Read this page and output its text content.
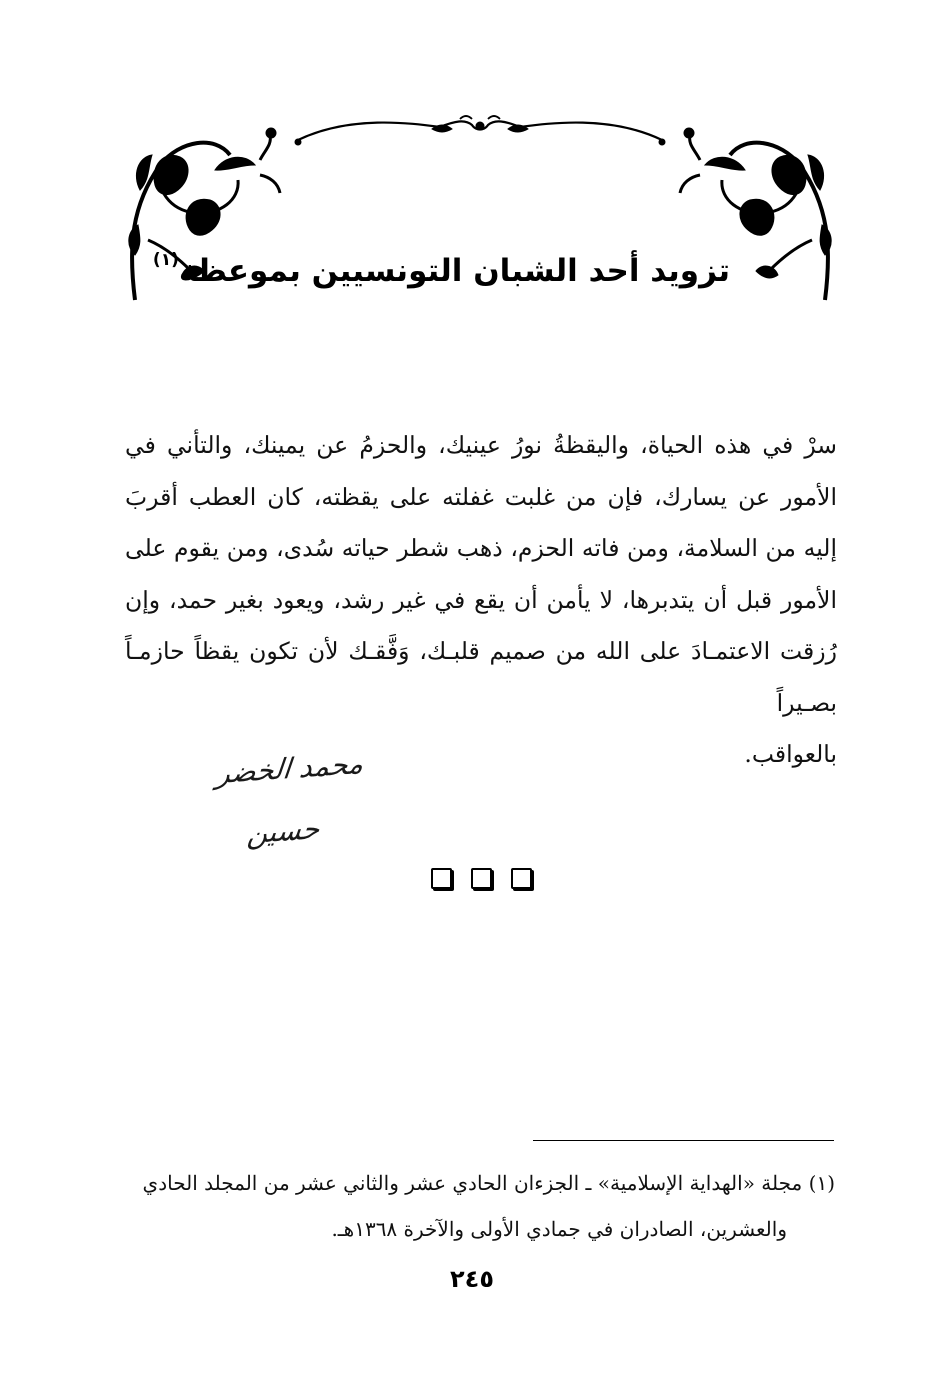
تزويد أحد الشبان التونسيين بموعظة$^{(١)}$
سرْ في هذه الحياة، واليقظةُ نورُ عينيك، والحزمُ عن يمينك، والتأني في الأمور عن يسارك، فإن من غلبت غفلته على يقظته، كان العطب أقربَ إليه من السلامة، ومن فاته الحزم، ذهب شطر حياته سُدى، ومن يقوم على الأمور قبل أن يتدبرها، لا يأمن أن يقع في غير رشد، ويعود بغير حمد، وإن رُزقت الاعتمـادَ على الله من صميم قلبـك، وَفَّقـك لأن تكون يقظاً حازمـاً بصـيراً
بالعواقب.
محمد الخضر حسين
(١) مجلة «الهداية الإسلامية» ـ الجزءان الحادي عشر والثاني عشر من المجلد الحادي
والعشرين، الصادران في جمادي الأولى والآخرة ١٣٦٨هـ.
٢٤٥
